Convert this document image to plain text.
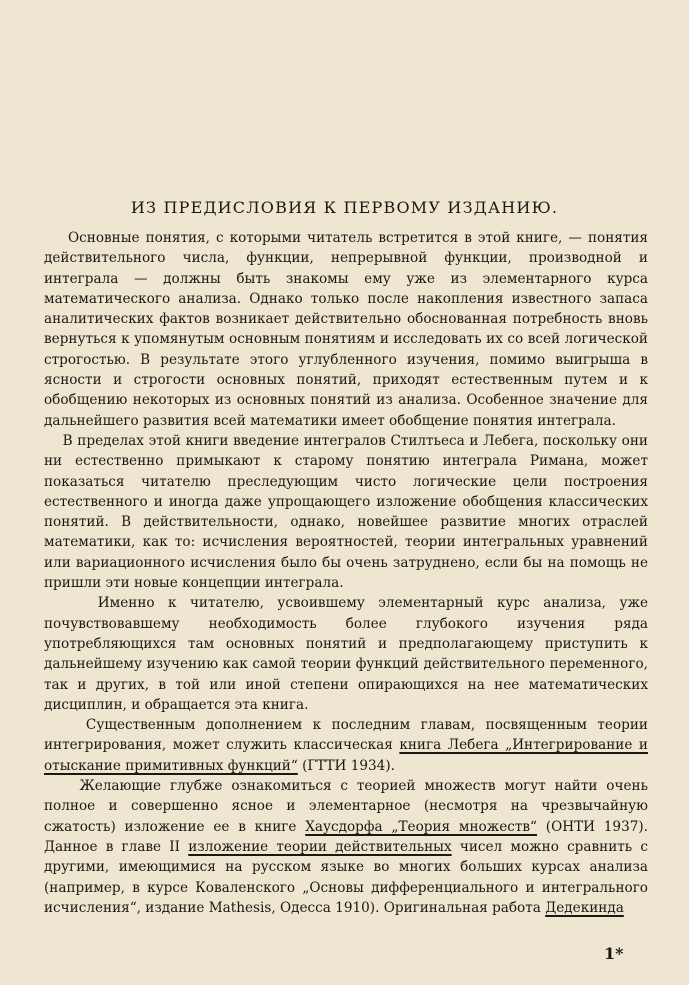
ИЗ ПРЕДИСЛОВИЯ К ПЕРВОМУ ИЗДАНИЮ.

Основные понятия, с которыми читатель встретится в этой книге, — понятия действительного числа, функции, непрерывной функции, производной и интеграла — должны быть знакомы ему уже из элементарного курса математического анализа. Однако только после накопления известного запаса аналитических фактов возникает действительно обоснованная потребность вновь вернуться к упомянутым основным понятиям и исследовать их со всей логической строгостью. В результате этого углубленного изучения, помимо выигрыша в ясности и строгости основных понятий, приходят естественным путем и к обобщению некоторых из основных понятий из анализа. Особенное значение для дальнейшего развития всей математики имеет обобщение понятия интеграла.

В пределах этой книги введение интегралов Стилтьеса и Лебега, поскольку они ни естественно примыкают к старому понятию интеграла Римана, может показаться читателю преследующим чисто логические цели построения естественного и иногда даже упрощающего изложение обобщения классических понятий. В действительности, однако, новейшее развитие многих отраслей математики, как то: исчисления вероятностей, теории интегральных уравнений или вариационного исчисления было бы очень затруднено, если бы на помощь не пришли эти новые концепции интеграла.

Именно к читателю, усвоившему элементарный курс анализа, уже почувствовавшему необходимость более глубокого изучения ряда употребляющихся там основных понятий и предполагающему приступить к дальнейшему изучению как самой теории функций действительного переменного, так и других, в той или иной степени опирающихся на нее математических дисциплин, и обращается эта книга.

Существенным дополнением к последним главам, посвященным теории интегрирования, может служить классическая книга Лебега „Интегрирование и отыскание примитивных функций“ (ГТТИ 1934).

Желающие глубже ознакомиться с теорией множеств могут найти очень полное и совершенно ясное и элементарное (несмотря на чрезвычайную сжатость) изложение ее в книге Хаусдорфа „Теория множеств“ (ОНТИ 1937). Данное в главе II изложение теории действительных чисел можно сравнить с другими, имеющимися на русском языке во многих больших курсах анализа (например, в курсе Коваленского „Основы дифференциального и интегрального исчисления“, издание Mathesis, Одесса 1910). Оригинальная работа Дедекинда

1*
